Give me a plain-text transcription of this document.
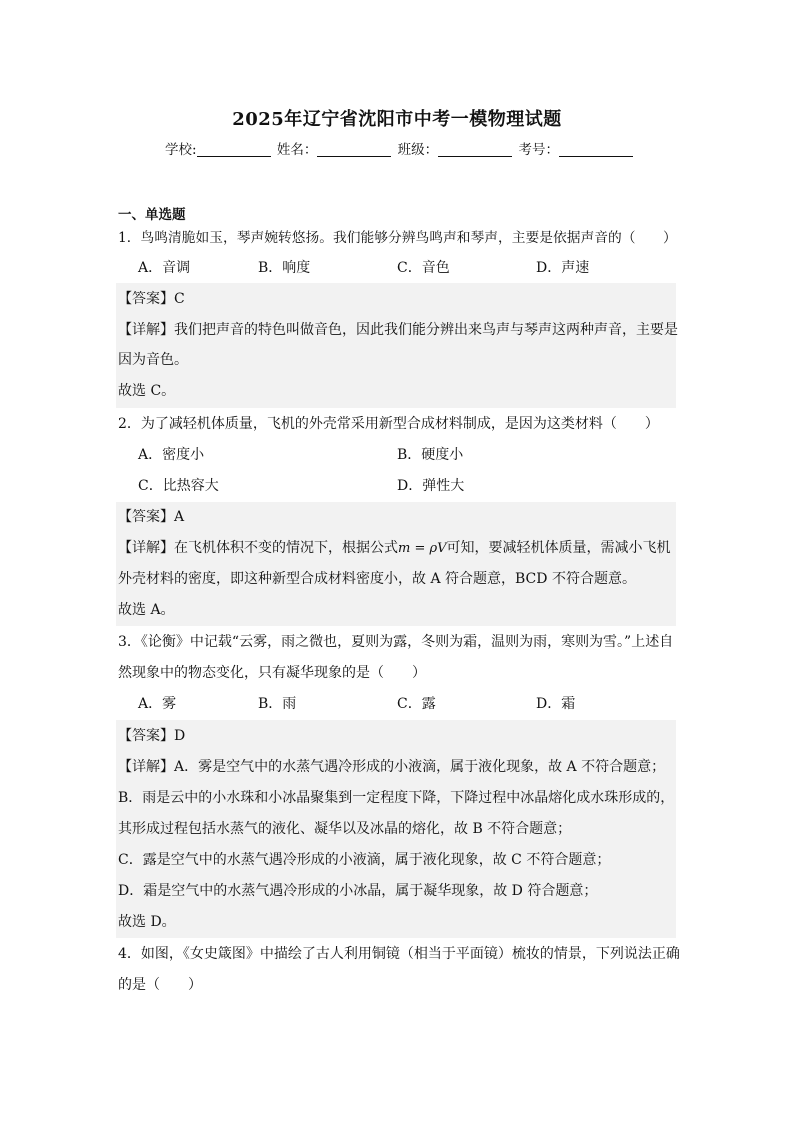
2025年辽宁省沈阳市中考一模物理试题
学校:	姓名：	班级：	考号：
一、单选题
1．鸟鸣清脆如玉，琴声婉转悠扬。我们能够分辨鸟鸣声和琴声，主要是依据声音的（　　）
A．音调	B．响度	C．音色	D．声速
【答案】C
【详解】我们把声音的特色叫做音色，因此我们能分辨出来鸟声与琴声这两种声音，主要是
因为音色。
故选 C。
2．为了减轻机体质量，飞机的外壳常采用新型合成材料制成，是因为这类材料（　　）
A．密度小	B．硬度小
C．比热容大	D．弹性大
【答案】A
【详解】在飞机体积不变的情况下，根据公式m = ρV可知，要减轻机体质量，需减小飞机
外壳材料的密度，即这种新型合成材料密度小，故 A 符合题意，BCD 不符合题意。
故选 A。
3．《论衡》中记载“云雾，雨之微也，夏则为露，冬则为霜，温则为雨，寒则为雪。”上述自
然现象中的物态变化，只有凝华现象的是（　　）
A．雾	B．雨	C．露	D．霜
【答案】D
【详解】A．雾是空气中的水蒸气遇冷形成的小液滴，属于液化现象，故 A 不符合题意；
B．雨是云中的小水珠和小冰晶聚集到一定程度下降，下降过程中冰晶熔化成水珠形成的，
其形成过程包括水蒸气的液化、凝华以及冰晶的熔化，故 B 不符合题意；
C．露是空气中的水蒸气遇冷形成的小液滴，属于液化现象，故 C 不符合题意；
D．霜是空气中的水蒸气遇冷形成的小冰晶，属于凝华现象，故 D 符合题意；
故选 D。
4．如图，《女史箴图》中描绘了古人利用铜镜（相当于平面镜）梳妆的情景，下列说法正确
的是（　　）
